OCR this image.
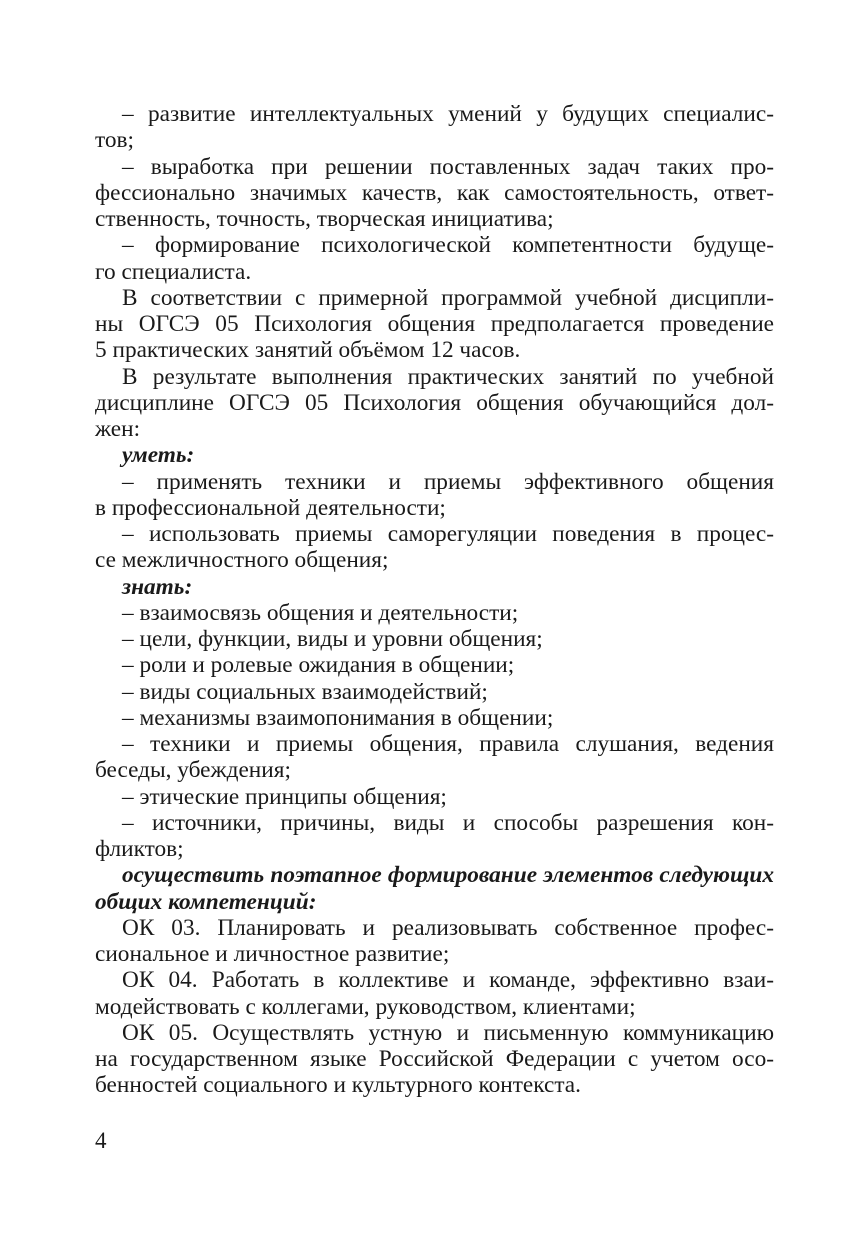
– развитие интеллектуальных умений у будущих специалис-
тов;
– выработка при решении поставленных задач таких про-
фессионально значимых качеств, как самостоятельность, ответ-
ственность, точность, творческая инициатива;
– формирование психологической компетентности будуще-
го специалиста.
В соответствии с примерной программой учебной дисципли-
ны ОГСЭ 05 Психология общения предполагается проведение
5 практических занятий объёмом 12 часов.
В результате выполнения практических занятий по учебной
дисциплине ОГСЭ 05 Психология общения обучающийся дол-
жен:
уметь:
– применять техники и приемы эффективного общения
в профессиональной деятельности;
– использовать приемы саморегуляции поведения в процес-
се межличностного общения;
знать:
– взаимосвязь общения и деятельности;
– цели, функции, виды и уровни общения;
– роли и ролевые ожидания в общении;
– виды социальных взаимодействий;
– механизмы взаимопонимания в общении;
– техники и приемы общения, правила слушания, ведения
беседы, убеждения;
– этические принципы общения;
– источники, причины, виды и способы разрешения кон-
фликтов;
осуществить поэтапное формирование элементов следующих
общих компетенций:
ОК 03. Планировать и реализовывать собственное профес-
сиональное и личностное развитие;
ОК 04. Работать в коллективе и команде, эффективно взаи-
модействовать с коллегами, руководством, клиентами;
ОК 05. Осуществлять устную и письменную коммуникацию
на государственном языке Российской Федерации с учетом осо-
бенностей социального и культурного контекста.
4
